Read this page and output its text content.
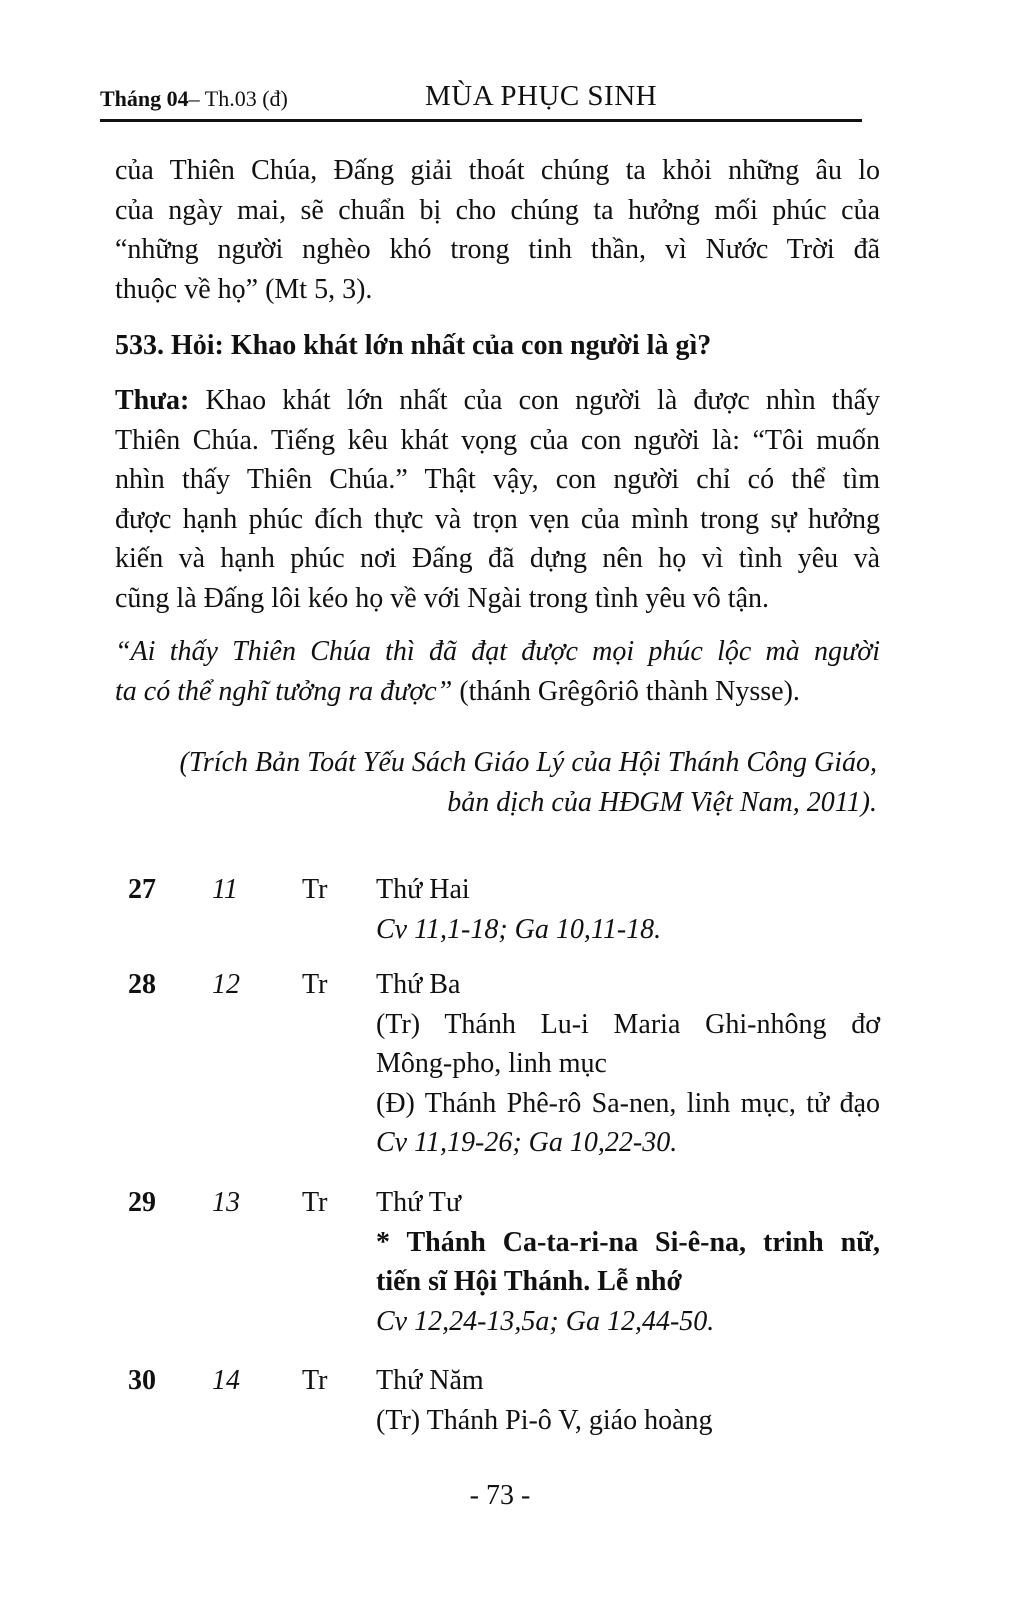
Tháng 04– Th.03 (đ)	MÙA PHỤC SINH
của Thiên Chúa, Đấng giải thoát chúng ta khỏi những âu lo
của ngày mai, sẽ chuẩn bị cho chúng ta hưởng mối phúc của
“những người nghèo khó trong tinh thần, vì Nước Trời đã
thuộc về họ” (Mt 5, 3).
533. Hỏi: Khao khát lớn nhất của con người là gì?
Thưa: Khao khát lớn nhất của con người là được nhìn thấy
Thiên Chúa. Tiếng kêu khát vọng của con người là: “Tôi muốn
nhìn thấy Thiên Chúa.” Thật vậy, con người chỉ có thể tìm
được hạnh phúc đích thực và trọn vẹn của mình trong sự hưởng
kiến và hạnh phúc nơi Đấng đã dựng nên họ vì tình yêu và
cũng là Đấng lôi kéo họ về với Ngài trong tình yêu vô tận.
“Ai thấy Thiên Chúa thì đã đạt được mọi phúc lộc mà người
ta có thể nghĩ tưởng ra được” (thánh Grêgôriô thành Nysse).
(Trích Bản Toát Yếu Sách Giáo Lý của Hội Thánh Công Giáo,
bản dịch của HĐGM Việt Nam, 2011).
27 11 Tr Thứ Hai
Cv 11,1-18; Ga 10,11-18.
28 12 Tr Thứ Ba
(Tr) Thánh Lu-i Maria Ghi-nhông đơ
Mông-pho, linh mục
(Đ) Thánh Phê-rô Sa-nen, linh mục, tử đạo
Cv 11,19-26; Ga 10,22-30.
29 13 Tr Thứ Tư
* Thánh Ca-ta-ri-na Si-ê-na, trinh nữ,
tiến sĩ Hội Thánh. Lễ nhớ
Cv 12,24-13,5a; Ga 12,44-50.
30 14 Tr Thứ Năm
(Tr) Thánh Pi-ô V, giáo hoàng
- 73 -
